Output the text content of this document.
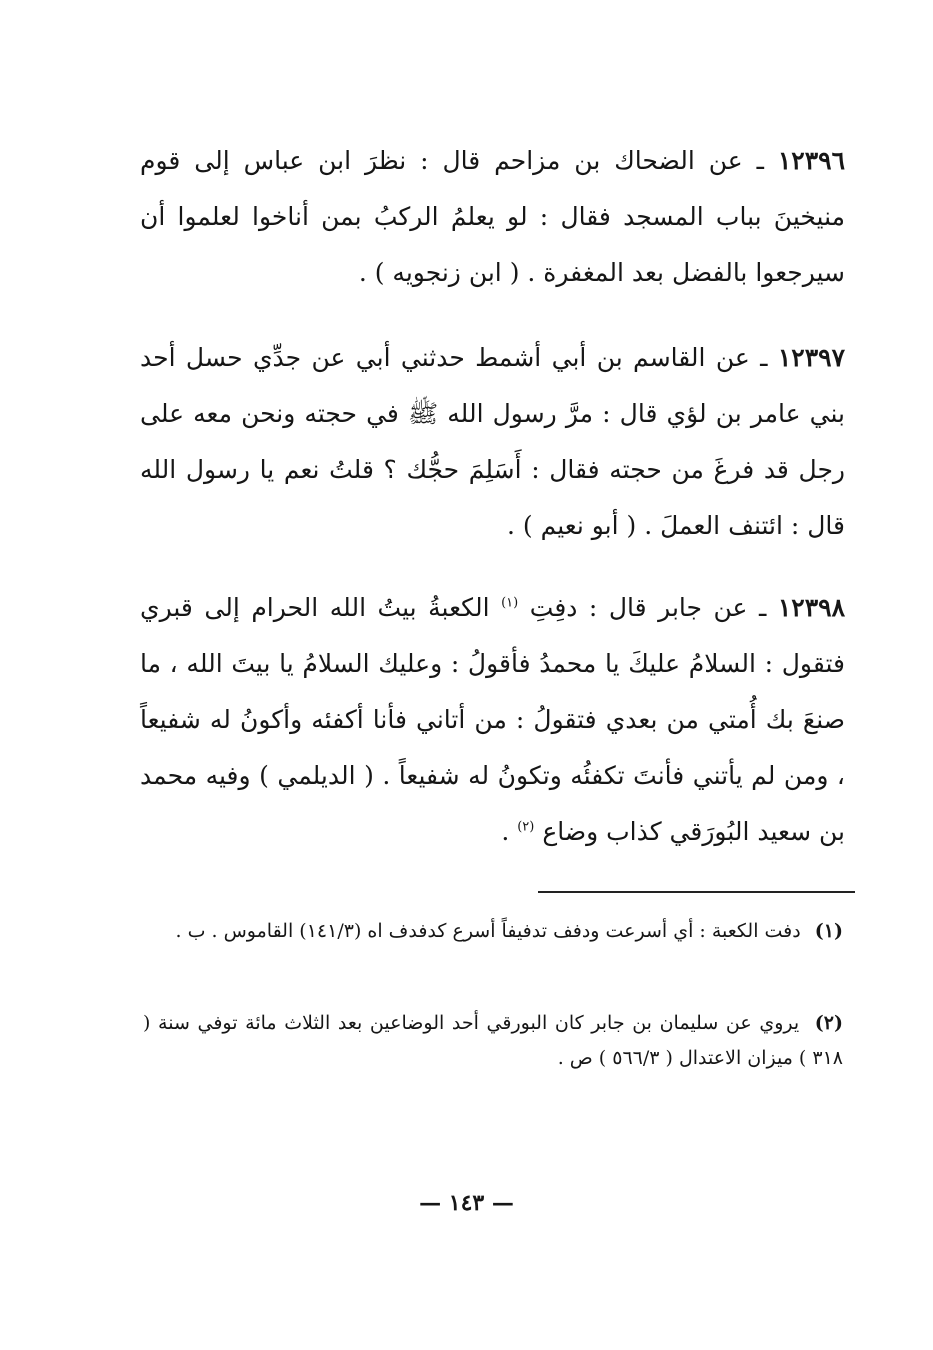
١٢٣٩٦ ـ عن الضحاك بن مزاحم قال : نظرَ ابن عباس إلى قوم منيخينَ بباب المسجد فقال : لو يعلمُ الركبُ بمن أناخوا لعلموا أن سيرجعوا بالفضل بعد المغفرة . ( ابن زنجويه ) .

١٢٣٩٧ ـ عن القاسم بن أبي أشمط حدثني أبي عن جدِّي حسل أحد بني عامر بن لؤي قال : مرَّ رسول الله ﷺ في حجته ونحن معه على رجل قد فرغَ من حجته فقال : أَسَلِمَ حجُّك ؟ قلتُ نعم يا رسول الله قال : ائتنف العملَ . ( أبو نعيم ) .

١٢٣٩٨ ـ عن جابر قال : دفِتِ $^{(١)}$ الكعبةُ بيتُ الله الحرام إلى قبري فتقول : السلامُ عليكَ يا محمدُ فأقولُ : وعليك السلامُ يا بيتَ الله ، ما صنعَ بك أُمتي من بعدي فتقولُ : من أتاني فأنا أكفئه وأكونُ له شفيعاً ، ومن لم يأتني فأنتَ تكفئُه وتكونُ له شفيعاً . ( الديلمي ) وفيه محمد بن سعيد البُورَقي كذاب وضاع $^{(٢)}$ .

(١) دفت الكعبة : أي أسرعت ودفف تدفيفاً أسرع كدفدف اه (١٤١/٣) القاموس . ب .

(٢) يروي عن سليمان بن جابر كان البورقي أحد الوضاعين بعد الثلاث مائة توفي سنة ( ٣١٨ ) ميزان الاعتدال ( ٥٦٦/٣ ) ص .

— ١٤٣ —
